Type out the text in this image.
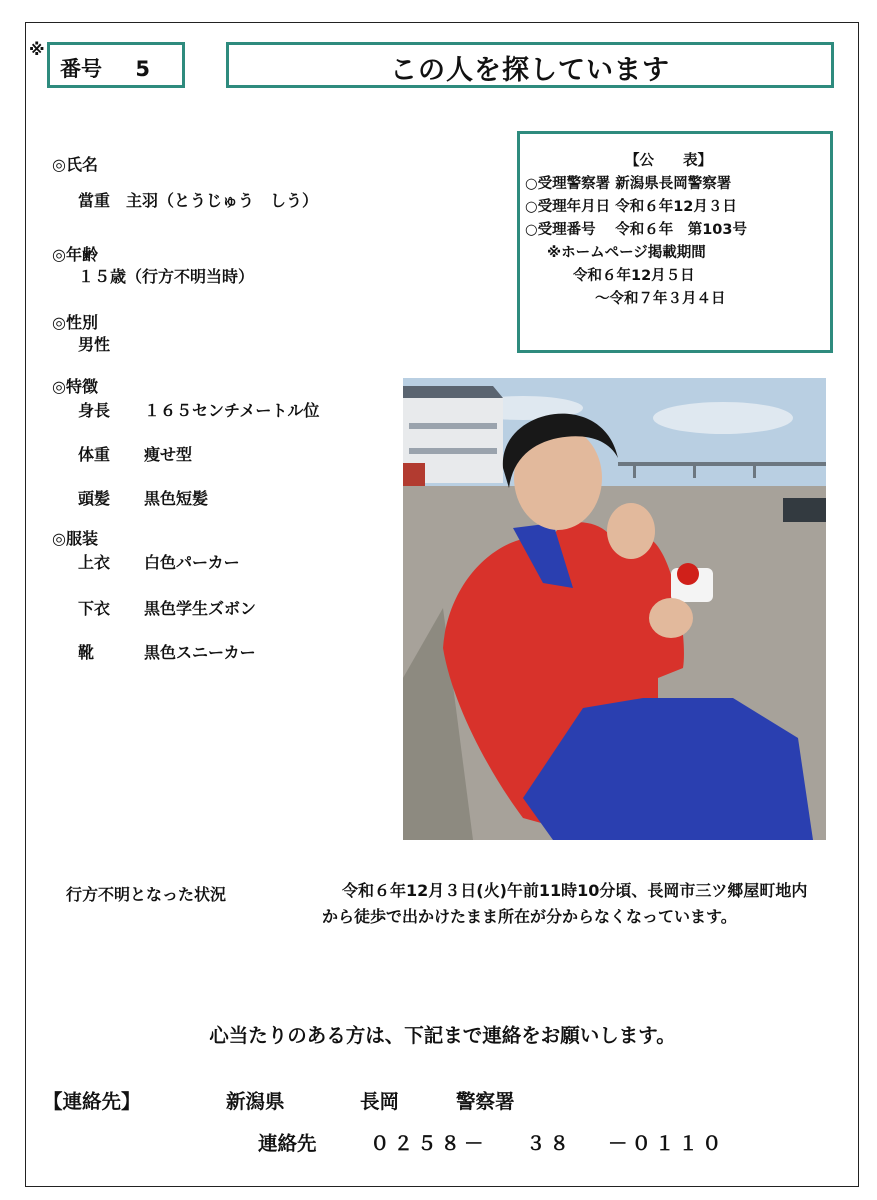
※
番号 5	この人を探しています
【公　　表】
○受理警察署 新潟県長岡警察署
○受理年月日 令和６年12月３日
○受理番号　 令和６年　第103号
※ホームページ掲載期間
令和６年12月５日
～令和７年３月４日
◎氏名
當重　主羽（とうじゅう　しう）
◎年齢
１５歳（行方不明当時）
◎性別
男性
◎特徴
身長 １６５センチメートル位
体重 痩せ型
頭髪 黒色短髪
◎服装
上衣 白色パーカー
下衣 黒色学生ズボン
靴	黒色スニーカー
行方不明となった状況	令和６年12月３日(火)午前11時10分頃、長岡市三ツ郷屋町地内から徒歩で出かけたまま所在が分からなくなっています。
心当たりのある方は、下記まで連絡をお願いします。
【連絡先】	新潟県	長岡	警察署
連絡先	０２５８－ ３８ －０１１０
